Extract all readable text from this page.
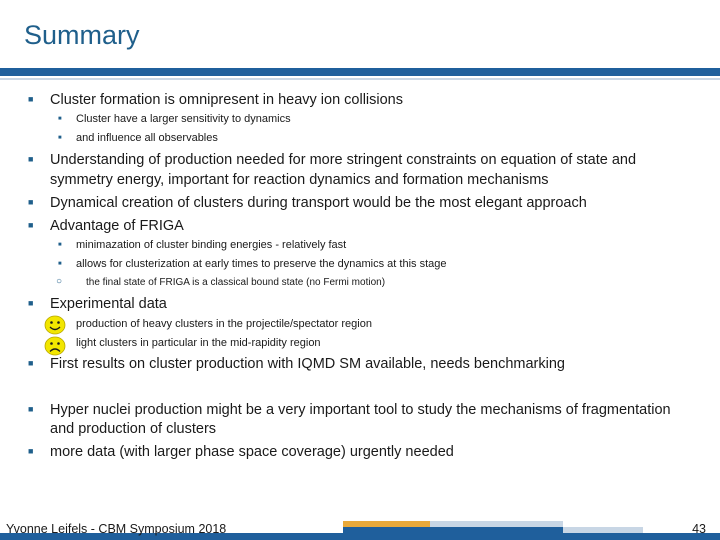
Summary
■ Cluster formation is omnipresent in heavy ion collisions
■ Cluster have a larger sensitivity to dynamics
■ and influence all observables
■ Understanding of production needed for more stringent constraints on equation of state and
symmetry energy, important for reaction dynamics and formation mechanisms
■ Dynamical creation of clusters during transport would be the most elegant approach
■ Advantage of FRIGA
■ minimazation of cluster binding energies - relatively fast
■ allows for clusterization at early times to preserve the dynamics at this stage
○ the final state of FRIGA is a classical bound state (no Fermi motion)
■ Experimental data
production of heavy clusters in the projectile/spectator region
light clusters in particular in the mid-rapidity region
■ First results on cluster production with IQMD SM available, needs benchmarking
■ Hyper nuclei production might be a very important tool to study the mechanisms of fragmentation
and production of clusters
■ more data (with larger phase space coverage) urgently needed
Yvonne Leifels - CBM Symposium 2018	43
